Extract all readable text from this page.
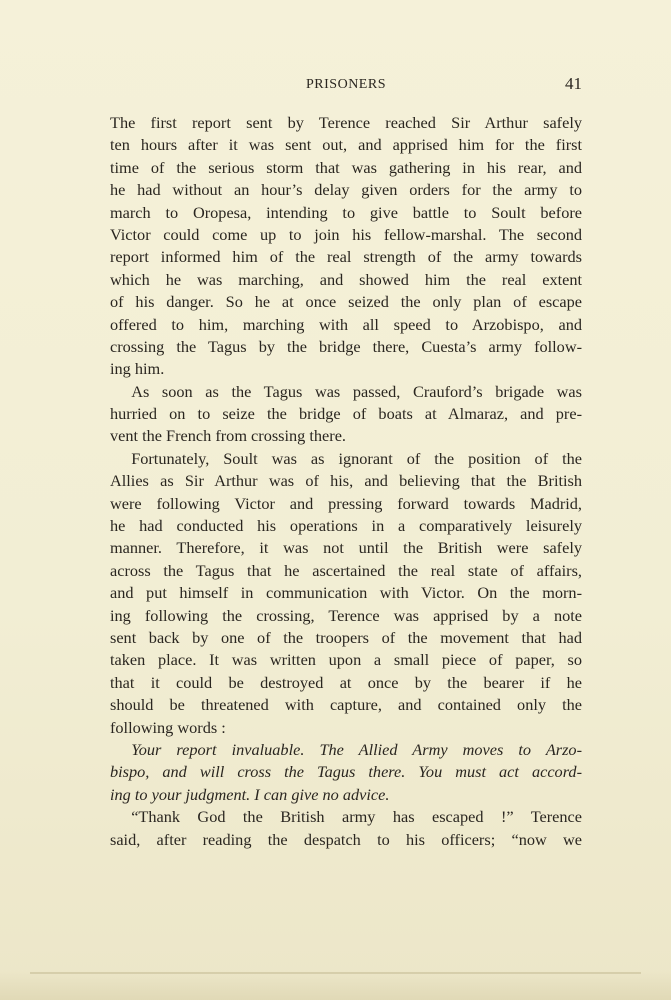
PRISONERS	41
The first report sent by Terence reached Sir Arthur safely
ten hours after it was sent out, and apprised him for the first
time of the serious storm that was gathering in his rear, and
he had without an hour’s delay given orders for the army to
march to Oropesa, intending to give battle to Soult before
Victor could come up to join his fellow-marshal. The second
report informed him of the real strength of the army towards
which he was marching, and showed him the real extent
of his danger. So he at once seized the only plan of escape
offered to him, marching with all speed to Arzobispo, and
crossing the Tagus by the bridge there, Cuesta’s army follow-
ing him.
As soon as the Tagus was passed, Crauford’s brigade was
hurried on to seize the bridge of boats at Almaraz, and pre-
vent the French from crossing there.
Fortunately, Soult was as ignorant of the position of the
Allies as Sir Arthur was of his, and believing that the British
were following Victor and pressing forward towards Madrid,
he had conducted his operations in a comparatively leisurely
manner. Therefore, it was not until the British were safely
across the Tagus that he ascertained the real state of affairs,
and put himself in communication with Victor. On the morn-
ing following the crossing, Terence was apprised by a note
sent back by one of the troopers of the movement that had
taken place. It was written upon a small piece of paper, so
that it could be destroyed at once by the bearer if he
should be threatened with capture, and contained only the
following words :
Your report invaluable. The Allied Army moves to Arzo-
bispo, and will cross the Tagus there. You must act accord-
ing to your judgment. I can give no advice.
“Thank God the British army has escaped !” Terence
said, after reading the despatch to his officers; “now we
